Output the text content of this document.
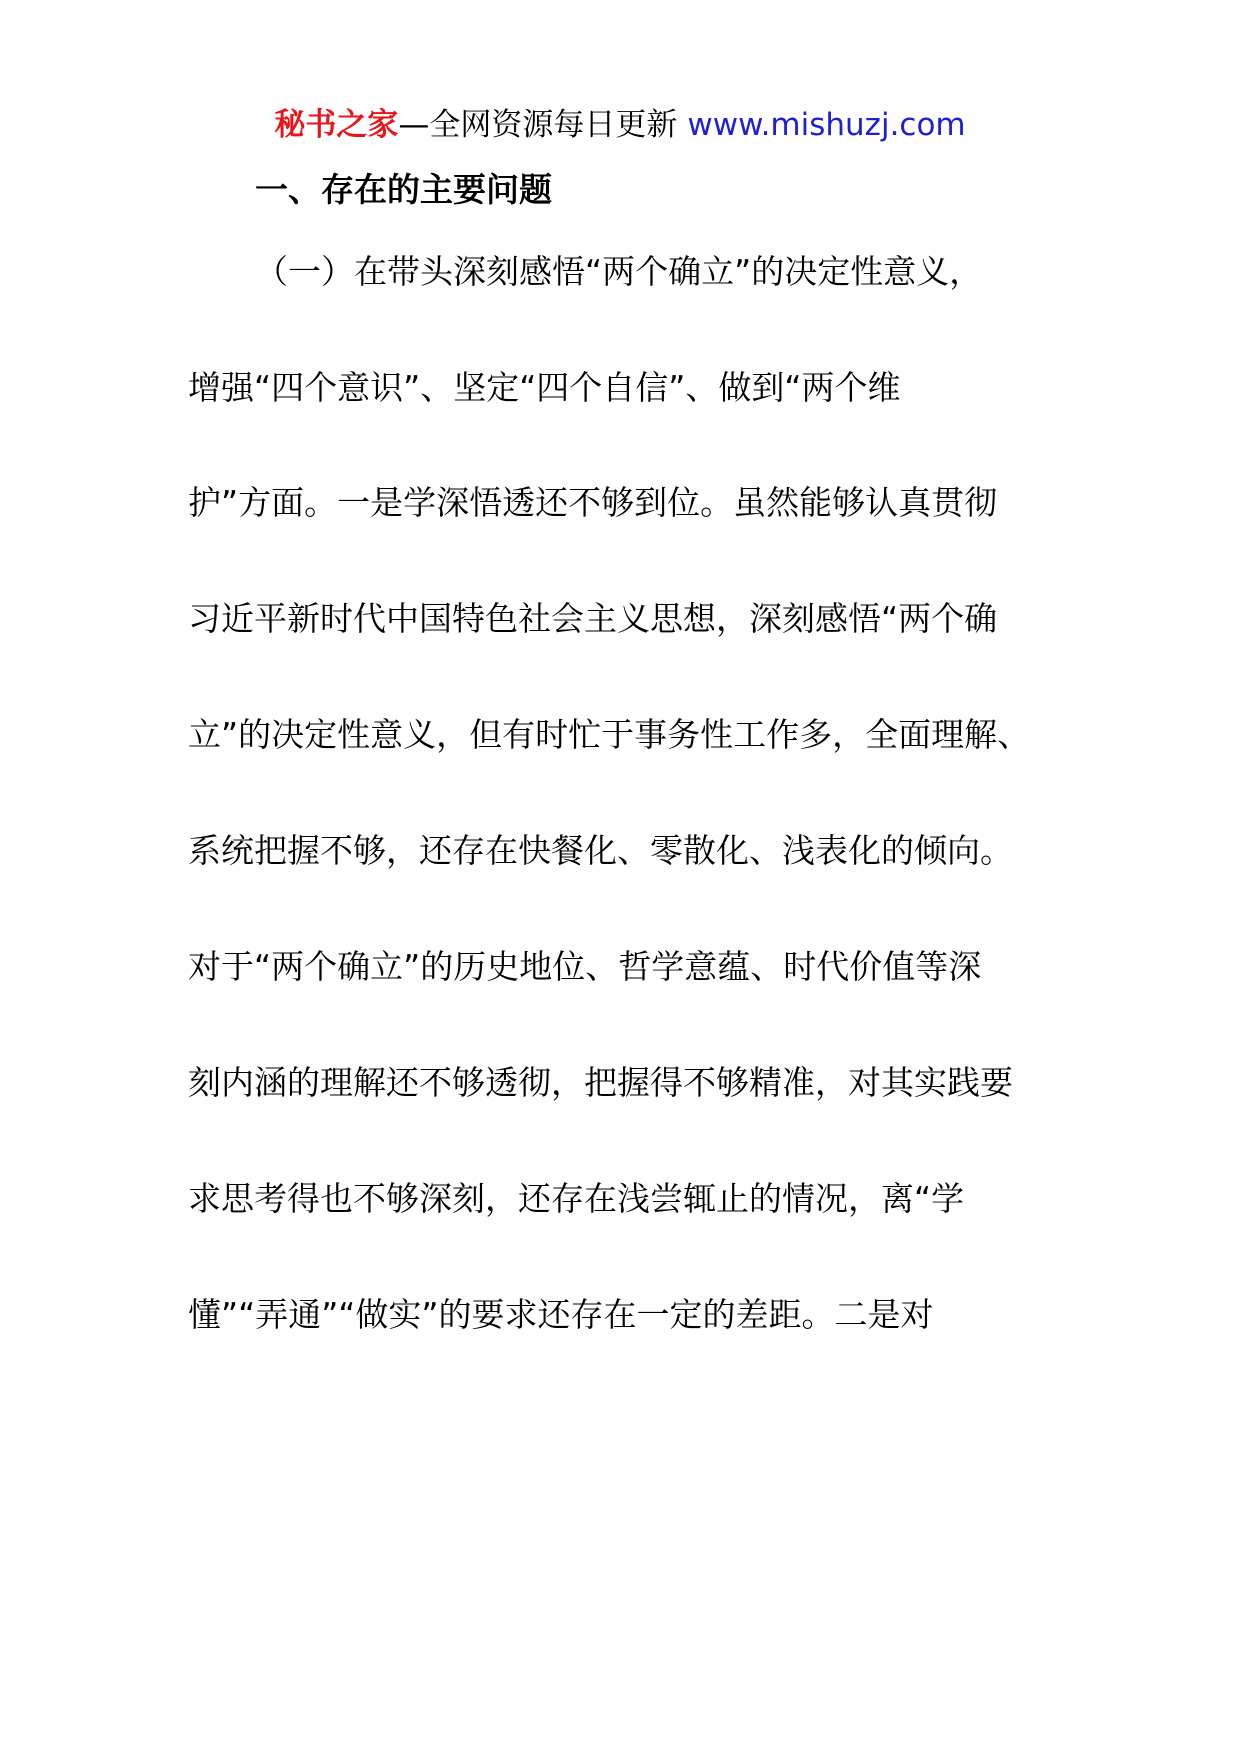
秘书之家—全网资源每日更新 www.mishuzj.com
一、存在的主要问题
（一）在带头深刻感悟“两个确立”的决定性意义，
增强“四个意识”、坚定“四个自信”、做到“两个维
护”方面。一是学深悟透还不够到位。虽然能够认真贯彻
习近平新时代中国特色社会主义思想，深刻感悟“两个确
立”的决定性意义，但有时忙于事务性工作多，全面理解、
系统把握不够，还存在快餐化、零散化、浅表化的倾向。
对于“两个确立”的历史地位、哲学意蕴、时代价值等深
刻内涵的理解还不够透彻，把握得不够精准，对其实践要
求思考得也不够深刻，还存在浅尝辄止的情况，离“学
懂”“弄通”“做实”的要求还存在一定的差距。二是对
